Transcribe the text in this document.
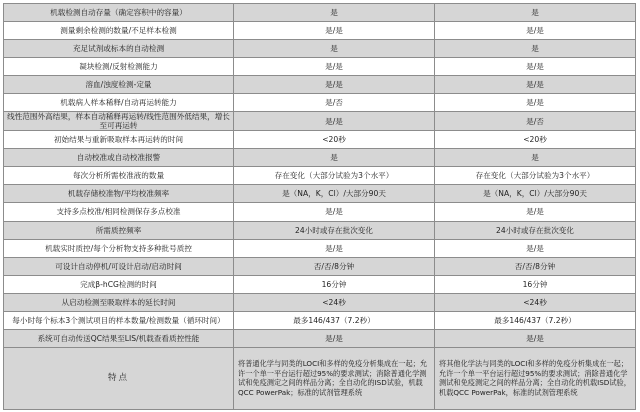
机载检测自动存量（确定容积中的容量）	是	是
测量剩余检测的数量/不足样本检测	是/是	是/是
充足试剂或标本的自动检测	是	是
凝块检测/反射检测能力	是/是	是/是
溶血/浊度检测-定量	是/是	是/是
机载病人样本稀释/自动再运转能力	是/否	是/是
线性范围外高结果，样本自动稀释再运转/线性范围外低结果，增长至可再运转	是/是	是/否
初始结果与重新吸取样本再运转的时间	<20秒	<20秒
自动校准或自动校准报警	是	是
每次分析所需校准液的数量	存在变化（大部分试验为3个水平）	存在变化（大部分试验为3个水平）
机载存储校准物/平均校准频率	是（NA，K，Cl）/大部分90天	是（NA，K，Cl）/大部分90天
支持多点校准/相同检测保存多点校准	是/是	是/是
所需质控频率	24小时或存在批次变化	24小时或存在批次变化
机载实时质控/每个分析物支持多种批号质控	是/是	是/是
可设计自动停机/可设计启动/启动时间	否/否/8分钟	否/否/8分钟
完成β-hCG检测的时间	16分钟	16分钟
从启动检测至吸取样本的延长时间	<24秒	<24秒
每小时每个标本3个测试项目的样本数量/检测数量（循环时间）	最多146/437（7.2秒）	最多146/437（7.2秒）
系统可自动传送QC结果至LIS/机载查看质控性能	是/是	是/是
特点	将普通化学与同类的LOCI和多样的免疫分析集成在一起；允许一个单一平台运行超过95%的要求测试；消除普通化学测试和免疫测定之间的样品分离；全自动化的ISD试验，机载QCC PowerPak；标准的试剂管理系统	将其他化学法与同类的LOCI和多样的免疫分析集成在一起；允许一个单一平台运行超过95%的要求测试；消除普通化学测试和免疫测定之间的样品分离；全自动化的机载ISD试验，机载QCC PowerPak，标准的试剂管理系统
